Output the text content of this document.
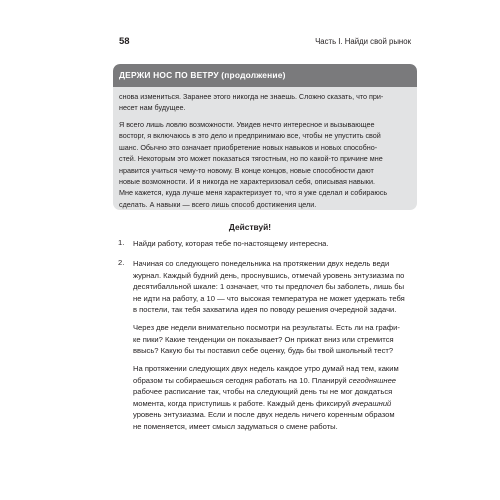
58	Часть I. Найди свой рынок
ДЕРЖИ НОС ПО ВЕТРУ (продолжение)
снова измениться. Заранее этого никогда не знаешь. Сложно сказать, что при-
несет нам будущее.
Я всего лишь ловлю возможности. Увидев нечто интересное и вызывающее
восторг, я включаюсь в это дело и предпринимаю все, чтобы не упустить свой
шанс. Обычно это означает приобретение новых навыков и новых способно-
стей. Некоторым это может показаться тягостным, но по какой-то причине мне
нравится учиться чему-то новому. В конце концов, новые способности дают
новые возможности. И я никогда не характеризовал себя, описывая навыки.
Мне кажется, куда лучше меня характеризует то, что я уже сделал и собираюсь
сделать. А навыки — всего лишь способ достижения цели.
Действуй!
1. Найди работу, которая тебе по-настоящему интересна.
2. Начиная со следующего понедельника на протяжении двух недель веди
журнал. Каждый будний день, проснувшись, отмечай уровень энтузиазма по
десятибалльной шкале: 1 означает, что ты предпочел бы заболеть, лишь бы
не идти на работу, а 10 — что высокая температура не может удержать тебя
в постели, так тебя захватила идея по поводу решения очередной задачи.
Через две недели внимательно посмотри на результаты. Есть ли на графи-
ке пики? Какие тенденции он показывает? Он прижат вниз или стремится
ввысь? Какую бы ты поставил себе оценку, будь бы твой школьный тест?
На протяжении следующих двух недель каждое утро думай над тем, каким
образом ты собираешься сегодня работать на 10. Планируй сегодняшнее
рабочее расписание так, чтобы на следующий день ты не мог дождаться
момента, когда приступишь к работе. Каждый день фиксируй вчерашний
уровень энтузиазма. Если и после двух недель ничего коренным образом
не поменяется, имеет смысл задуматься о смене работы.
